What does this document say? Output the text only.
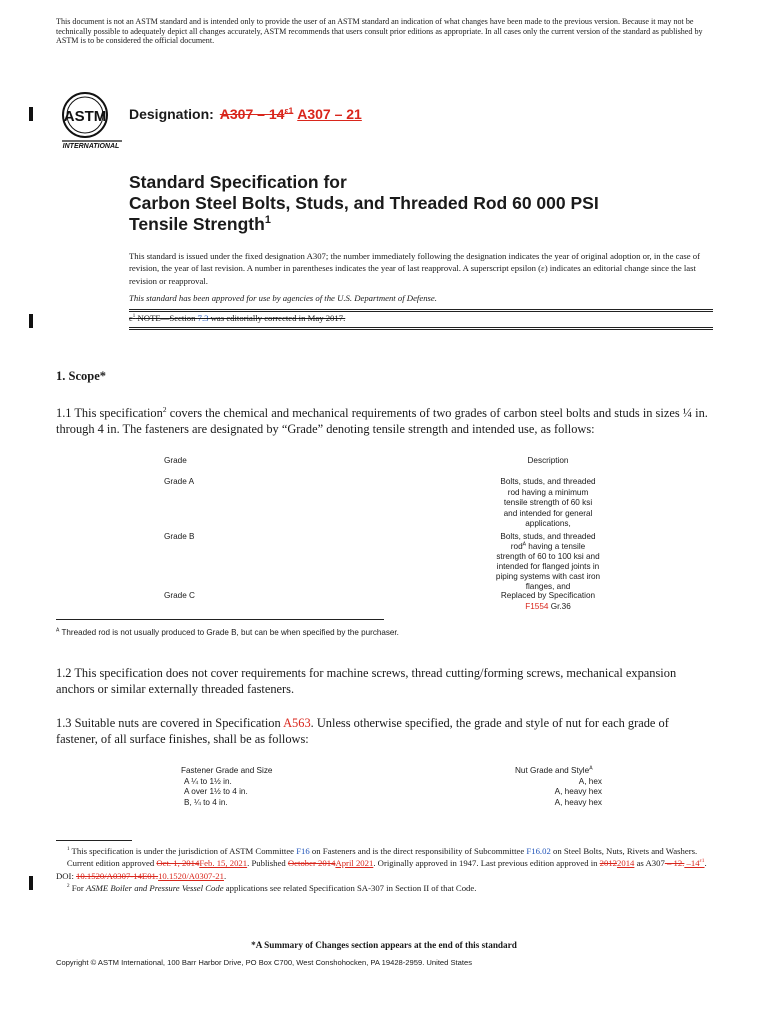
This document is not an ASTM standard and is intended only to provide the user of an ASTM standard an indication of what changes have been made to the previous version. Because it may not be technically possible to adequately depict all changes accurately, ASTM recommends that users consult prior editions as appropriate. In all cases only the current version of the standard as published by ASTM is to be considered the official document.
ASTM
INTERNATIONAL
Designation: $A307 - 14^{\varepsilon 1}$ A307 – 21
Standard Specification for
Carbon Steel Bolts, Studs, and Threaded Rod 60 000 PSI
Tensile Strength$^1$
This standard is issued under the fixed designation A307; the number immediately following the designation indicates the year of original adoption or, in the case of revision, the year of last revision. A number in parentheses indicates the year of last reapproval. A superscript epsilon (ε) indicates an editorial change since the last revision or reapproval.
This standard has been approved for use by agencies of the U.S. Department of Defense.
$\varepsilon^1$ NOTE—Section 7.3 was editorially corrected in May 2017.
1. Scope*
1.1 This specification$^2$ covers the chemical and mechanical requirements of two grades of carbon steel bolts and studs in sizes ¼ in. through 4 in. The fasteners are designated by “Grade” denoting tensile strength and intended use, as follows:
Grade	Description
Grade A	Bolts, studs, and threaded
rod having a minimum
tensile strength of 60 ksi
and intended for general
applications,
Grade B	Bolts, studs, and threaded
rod$^A$ having a tensile
strength of 60 to 100 ksi and
intended for flanged joints in
piping systems with cast iron
flanges, and
Grade C	Replaced by Specification
F1554 Gr.36
$^A$ Threaded rod is not usually produced to Grade B, but can be when specified by the purchaser.
1.2 This specification does not cover requirements for machine screws, thread cutting/forming screws, mechanical expansion anchors or similar externally threaded fasteners.
1.3 Suitable nuts are covered in Specification A563. Unless otherwise specified, the grade and style of nut for each grade of fastener, of all surface finishes, shall be as follows:
Fastener Grade and Size	Nut Grade and Style$^A$
A ¼ to 1½ in.	A, hex
A over 1½ to 4 in.	A, heavy hex
B, ¼ to 4 in.	A, heavy hex

$^1$ This specification is under the jurisdiction of ASTM Committee F16 on Fasteners and is the direct responsibility of Subcommittee F16.02 on Steel Bolts, Nuts, Rivets and Washers.

Current edition approved Oct. 1, 2014Feb. 15, 2021. Published October 2014April 2021. Originally approved in 1947. Last previous edition approved in 20122014 as A307 – 12. $-14^{\varepsilon 1}$. DOI: 10.1520/A0307-14E01.10.1520/A0307-21.

$^2$ For ASME Boiler and Pressure Vessel Code applications see related Specification SA-307 in Section II of that Code.

*A Summary of Changes section appears at the end of this standard
Copyright © ASTM International, 100 Barr Harbor Drive, PO Box C700, West Conshohocken, PA 19428-2959. United States
